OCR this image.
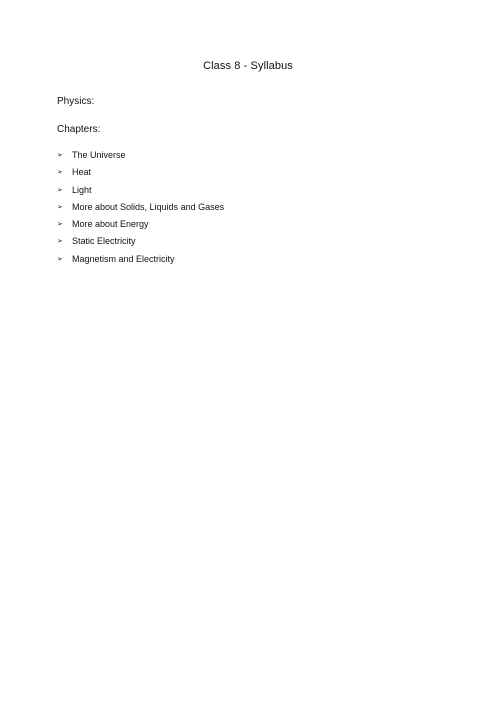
Class 8 - Syllabus
Physics:
Chapters:
➢	The Universe
➢	Heat
➢	Light
➢	More about Solids, Liquids and Gases
➢	More about Energy
➢	Static Electricity
➢	Magnetism and Electricity
